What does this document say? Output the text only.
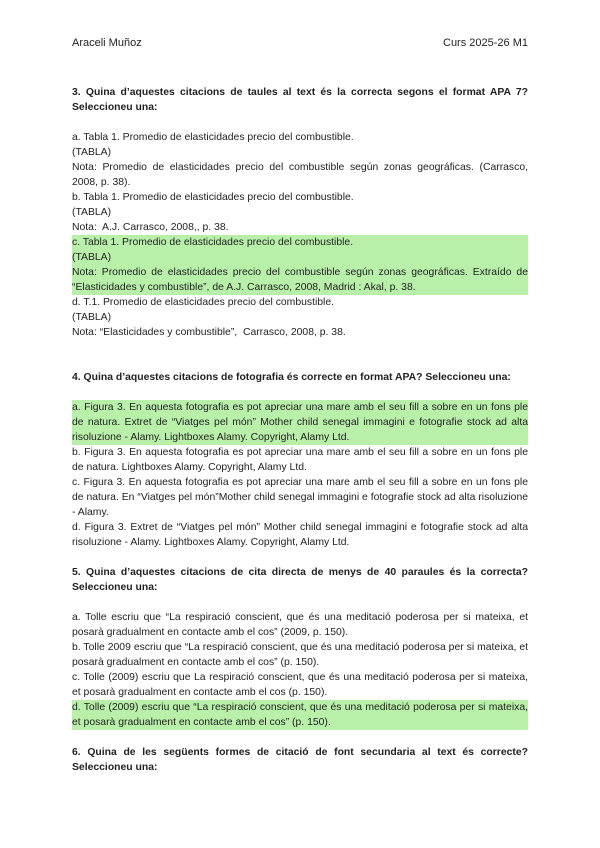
Araceli Muñoz	Curs 2025-26 M1

3. Quina d’aquestes citacions de taules al text és la correcta segons el format APA 7? Seleccioneu una:

a. Tabla 1. Promedio de elasticidades precio del combustible.

(TABLA)

Nota: Promedio de elasticidades precio del combustible según zonas geográficas. (Carrasco, 2008, p. 38).

b. Tabla 1. Promedio de elasticidades precio del combustible.

(TABLA)

Nota:  A.J. Carrasco, 2008,, p. 38.

c. Tabla 1. Promedio de elasticidades precio del combustible.

(TABLA)

Nota: Promedio de elasticidades precio del combustible según zonas geográficas. Extraído de “Elasticidades y combustible”, de A.J. Carrasco, 2008, Madrid : Akal, p. 38.

d. T.1. Promedio de elasticidades precio del combustible.

(TABLA)

Nota: “Elasticidades y combustible”,  Carrasco, 2008, p. 38.

4. Quina d’aquestes citacions de fotografia és correcte en format APA? Seleccioneu una:

a. Figura 3. En aquesta fotografia es pot apreciar una mare amb el seu fill a sobre en un fons ple de natura. Extret de “Viatges pel món” Mother child senegal immagini e fotografie stock ad alta risoluzione - Alamy. Lightboxes Alamy. Copyright, Alamy Ltd.

b. Figura 3. En aquesta fotografia es pot apreciar una mare amb el seu fill a sobre en un fons ple de natura. Lightboxes Alamy. Copyright, Alamy Ltd.

c. Figura 3. En aquesta fotografia es pot apreciar una mare amb el seu fill a sobre en un fons ple de natura. En “Viatges pel món”Mother child senegal immagini e fotografie stock ad alta risoluzione - Alamy.

d. Figura 3. Extret de “Viatges pel món” Mother child senegal immagini e fotografie stock ad alta risoluzione - Alamy. Lightboxes Alamy. Copyright, Alamy Ltd.

5. Quina d’aquestes citacions de cita directa de menys de 40 paraules és la correcta? Seleccioneu una:

a. Tolle escriu que “La respiració conscient, que és una meditació poderosa per si mateixa, et posarà gradualment en contacte amb el cos” (2009, p. 150).

b. Tolle 2009 escriu que “La respiració conscient, que és una meditació poderosa per si mateixa, et posarà gradualment en contacte amb el cos” (p. 150).

c. Tolle (2009) escriu que La respiració conscient, que és una meditació poderosa per si mateixa, et posarà gradualment en contacte amb el cos (p. 150).

d. Tolle (2009) escriu que “La respiració conscient, que és una meditació poderosa per si mateixa, et posarà gradualment en contacte amb el cos” (p. 150).

6. Quina de les següents formes de citació de font secundaria al text és correcte? Seleccioneu una:
